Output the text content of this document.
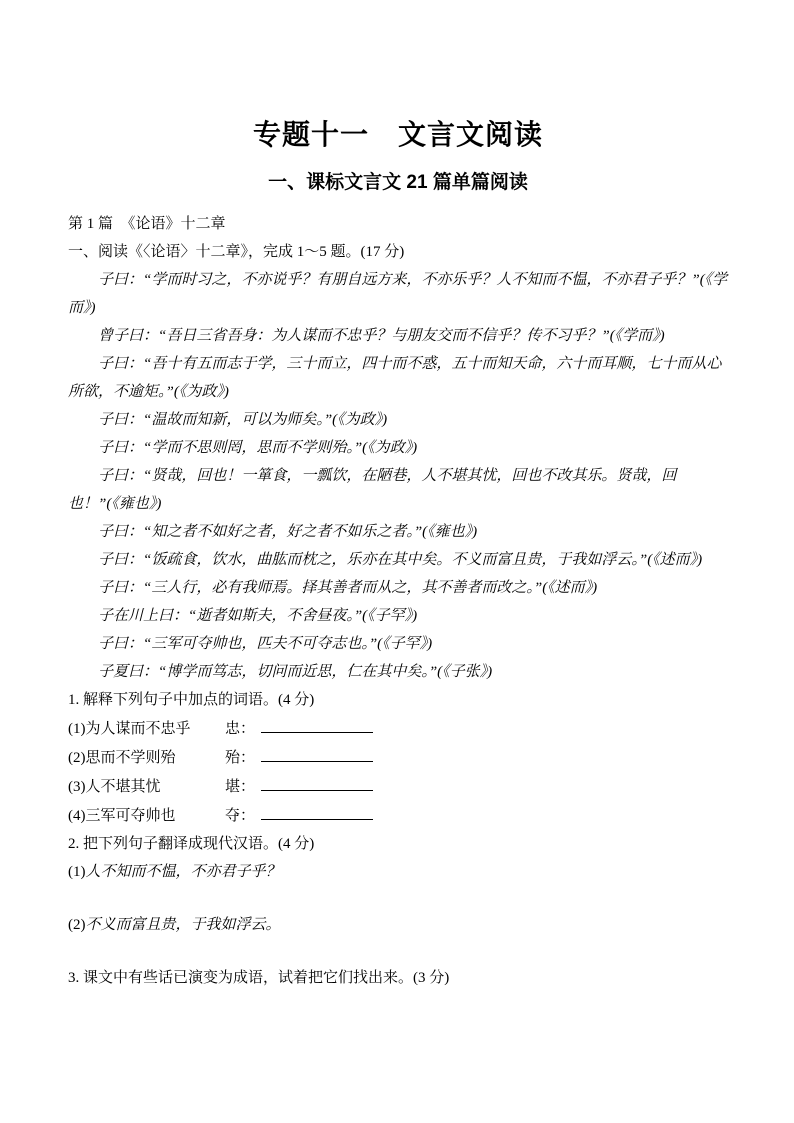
专题十一　文言文阅读
一、课标文言文 21 篇单篇阅读
第 1 篇　《论语》十二章
一、阅读《〈论语〉十二章》，完成 1～5 题。(17 分)
子曰：“学而时习之，不亦说乎？有朋自远方来，不亦乐乎？人不知而不愠，不亦君子乎？”(《学而》)
曾子曰：“吾日三省吾身：为人谋而不忠乎？与朋友交而不信乎？传不习乎？”(《学而》)
子曰：“吾十有五而志于学，三十而立，四十而不惑，五十而知天命，六十而耳顺，七十而从心所欲，不逾矩。”(《为政》)
子曰：“温故而知新，可以为师矣。”(《为政》)
子曰：“学而不思则罔，思而不学则殆。”(《为政》)
子曰：“贤哉，回也！一箪食，一瓢饮，在陋巷，人不堪其忧，回也不改其乐。贤哉，回也！”(《雍也》)
子曰：“知之者不如好之者，好之者不如乐之者。”(《雍也》)
子曰：“饭疏食，饮水，曲肱而枕之，乐亦在其中矣。不义而富且贵，于我如浮云。”(《述而》)
子曰：“三人行，必有我师焉。择其善者而从之，其不善者而改之。”(《述而》)
子在川上曰：“逝者如斯夫，不舍昼夜。”(《子罕》)
子曰：“三军可夺帅也，匹夫不可夺志也。”(《子罕》)
子夏曰：“博学而笃志，切问而近思，仁在其中矣。”(《子张》)
1. 解释下列句子中加点的词语。(4 分)
(1)为人谋而不忠乎	忠：
(2)思而不学则殆	殆：
(3)人不堪其忧	堪：
(4)三军可夺帅也	夺：
2. 把下列句子翻译成现代汉语。(4 分)
(1)人不知而不愠，不亦君子乎？
(2)不义而富且贵，于我如浮云。
3. 课文中有些话已演变为成语，试着把它们找出来。(3 分)
